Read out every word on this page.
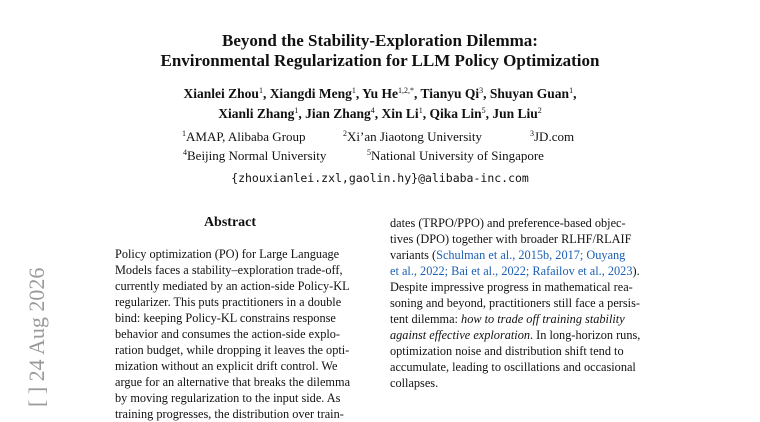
Beyond the Stability-Exploration Dilemma:
Environmental Regularization for LLM Policy Optimization
Xianlei Zhou$^1$, Xiangdi Meng$^1$, Yu $He^{1,2,*}$, Tianyu Qi$^3$, Shuyan Guan$^1$,
Xianli Zhang$^1$, Jian Zhang$^4$, Xin Li$^1$, Qika Lin$^5$, Jun Liu$^2$
$^1$AMAP, Alibaba Group	$^2$Xi’an Jiaotong University	$^3$JD.com
$^4$Beijing Normal University	$^5$National University of Singapore
{zhouxianlei.zxl,gaolin.hy}@alibaba-inc.com
[ ] 24 Aug 2026
Abstract
Policy optimization (PO) for Large Language
Models faces a stability–exploration trade-off,
currently mediated by an action-side Policy-KL
regularizer. This puts practitioners in a double
bind: keeping Policy-KL constrains response
behavior and consumes the action-side explo-
ration budget, while dropping it leaves the opti-
mization without an explicit drift control. We
argue for an alternative that breaks the dilemma
by moving regularization to the input side. As
training progresses, the distribution over train-
dates (TRPO/PPO) and preference-based objec-
tives (DPO) together with broader RLHF/RLAIF
variants (Schulman et al., 2015b, 2017; Ouyang
et al., 2022; Bai et al., 2022; Rafailov et al., 2023).
Despite impressive progress in mathematical rea-
soning and beyond, practitioners still face a persis-
tent dilemma: how to trade off training stability
against effective exploration. In long-horizon runs,
optimization noise and distribution shift tend to
accumulate, leading to oscillations and occasional
collapses.
